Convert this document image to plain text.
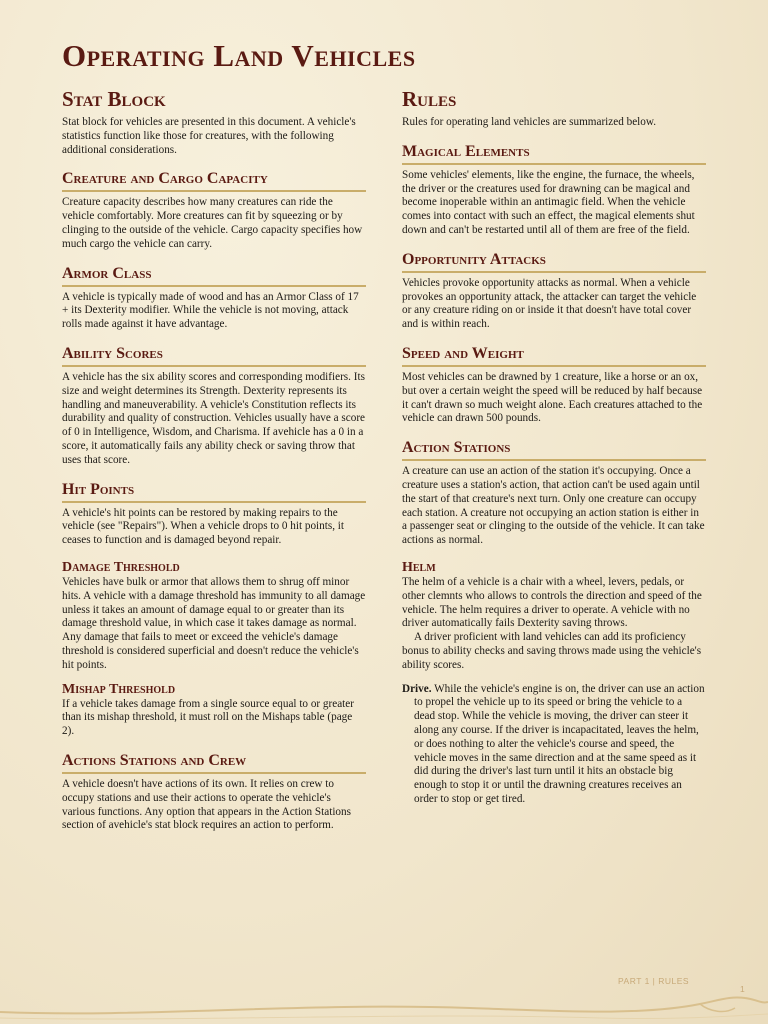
Operating Land Vehicles
Stat Block

Stat block for vehicles are presented in this document. A vehicle's statistics function like those for creatures, with the following additional considerations.

Creature and Cargo Capacity

Creature capacity describes how many creatures can ride the vehicle comfortably. More creatures can fit by squeezing or by clinging to the outside of the vehicle. Cargo capacity specifies how much cargo the vehicle can carry.

Armor Class

A vehicle is typically made of wood and has an Armor Class of 17 + its Dexterity modifier. While the vehicle is not moving, attack rolls made against it have advantage.

Ability Scores

A vehicle has the six ability scores and corresponding modifiers. Its size and weight determines its Strength. Dexterity represents its handling and maneuverability. A vehicle's Constitution reflects its durability and quality of construction. Vehicles usually have a score of 0 in Intelligence, Wisdom, and Charisma. If avehicle has a 0 in a score, it automatically fails any ability check or saving throw that uses that score.

Hit Points

A vehicle's hit points can be restored by making repairs to the vehicle (see "Repairs"). When a vehicle drops to 0 hit points, it ceases to function and is damaged beyond repair.

Damage Threshold

Vehicles have bulk or armor that allows them to shrug off minor hits. A vehicle with a damage threshold has immunity to all damage unless it takes an amount of damage equal to or greater than its damage threshold value, in which case it takes damage as normal. Any damage that fails to meet or exceed the vehicle's damage threshold is considered superficial and doesn't reduce the vehicle's hit points.

Mishap Threshold

If a vehicle takes damage from a single source equal to or greater than its mishap threshold, it must roll on the Mishaps table (page 2).

Actions Stations and Crew

A vehicle doesn't have actions of its own. It relies on crew to occupy stations and use their actions to operate the vehicle's various functions. Any option that appears in the Action Stations section of avehicle's stat block requires an action to perform.

Rules

Rules for operating land vehicles are summarized below.

Magical Elements

Some vehicles' elements, like the engine, the furnace, the wheels, the driver or the creatures used for drawning can be magical and become inoperable within an antimagic field. When the vehicle comes into contact with such an effect, the magical elements shut down and can't be restarted until all of them are free of the field.

Opportunity Attacks

Vehicles provoke opportunity attacks as normal. When a vehicle provokes an opportunity attack, the attacker can target the vehicle or any creature riding on or inside it that doesn't have total cover and is within reach.

Speed and Weight

Most vehicles can be drawned by 1 creature, like a horse or an ox, but over a certain weight the speed will be reduced by half because it can't drawn so much weight alone. Each creatures attached to the vehicle can drawn 500 pounds.

Action Stations

A creature can use an action of the station it's occupying. Once a creature uses a station's action, that action can't be used again until the start of that creature's next turn. Only one creature can occupy each station. A creature not occupying an action station is either in a passenger seat or clinging to the outside of the vehicle. It can take actions as normal.

Helm

The helm of a vehicle is a chair with a wheel, levers, pedals, or other clemnts who allows to controls the direction and speed of the vehicle. The helm requires a driver to operate. A vehicle with no driver automatically fails Dexterity saving throws.

A driver proficient with land vehicles can add its proficiency bonus to ability checks and saving throws made using the vehicle's ability scores.

Drive. While the vehicle's engine is on, the driver can use an action to propel the vehicle up to its speed or bring the vehicle to a dead stop. While the vehicle is moving, the driver can steer it along any course. If the driver is incapacitated, leaves the helm, or does nothing to alter the vehicle's course and speed, the vehicle moves in the same direction and at the same speed as it did during the driver's last turn until it hits an obstacle big enough to stop it or until the drawning creatures receives an order to stop or get tired.

PART 1 | RULES
1
